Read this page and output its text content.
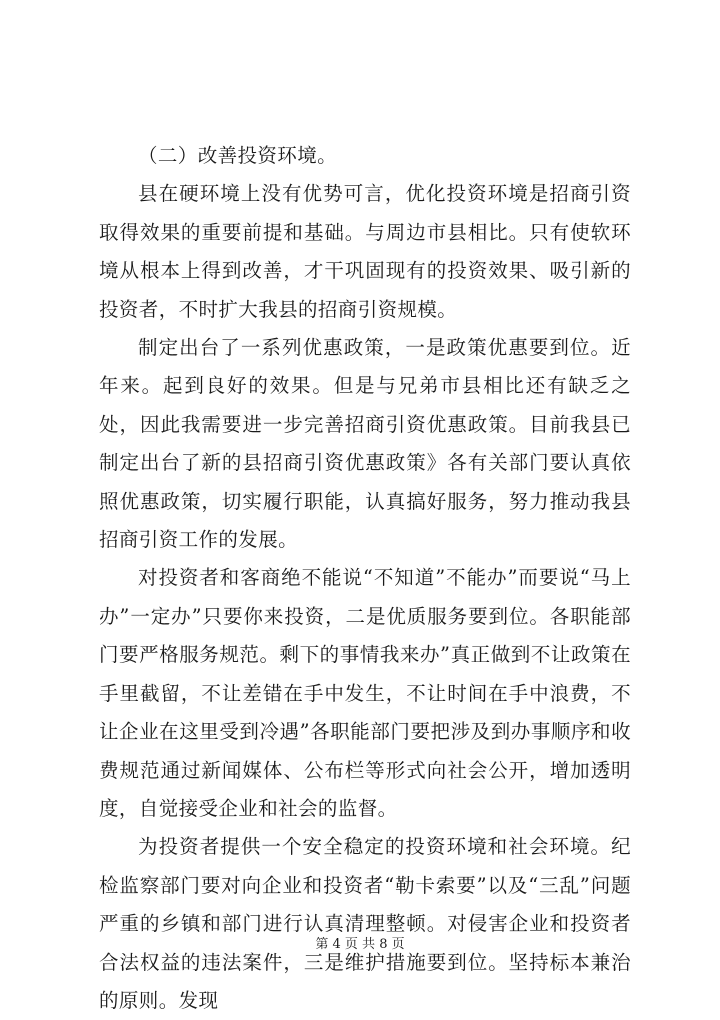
（二）改善投资环境。

县在硬环境上没有优势可言，优化投资环境是招商引资取得效果的重要前提和基础。与周边市县相比。只有使软环境从根本上得到改善，才干巩固现有的投资效果、吸引新的投资者，不时扩大我县的招商引资规模。

制定出台了一系列优惠政策，一是政策优惠要到位。近年来。起到良好的效果。但是与兄弟市县相比还有缺乏之处，因此我需要进一步完善招商引资优惠政策。目前我县已制定出台了新的县招商引资优惠政策》各有关部门要认真依照优惠政策，切实履行职能，认真搞好服务，努力推动我县招商引资工作的发展。

对投资者和客商绝不能说“不知道”不能办”而要说“马上办”一定办”只要你来投资，二是优质服务要到位。各职能部门要严格服务规范。剩下的事情我来办”真正做到不让政策在手里截留，不让差错在手中发生，不让时间在手中浪费，不让企业在这里受到冷遇”各职能部门要把涉及到办事顺序和收费规范通过新闻媒体、公布栏等形式向社会公开，增加透明度，自觉接受企业和社会的监督。

为投资者提供一个安全稳定的投资环境和社会环境。纪检监察部门要对向企业和投资者“勒卡索要”以及“三乱”问题严重的乡镇和部门进行认真清理整顿。对侵害企业和投资者合法权益的违法案件，三是维护措施要到位。坚持标本兼治的原则。发现

第 4 页 共 8 页
